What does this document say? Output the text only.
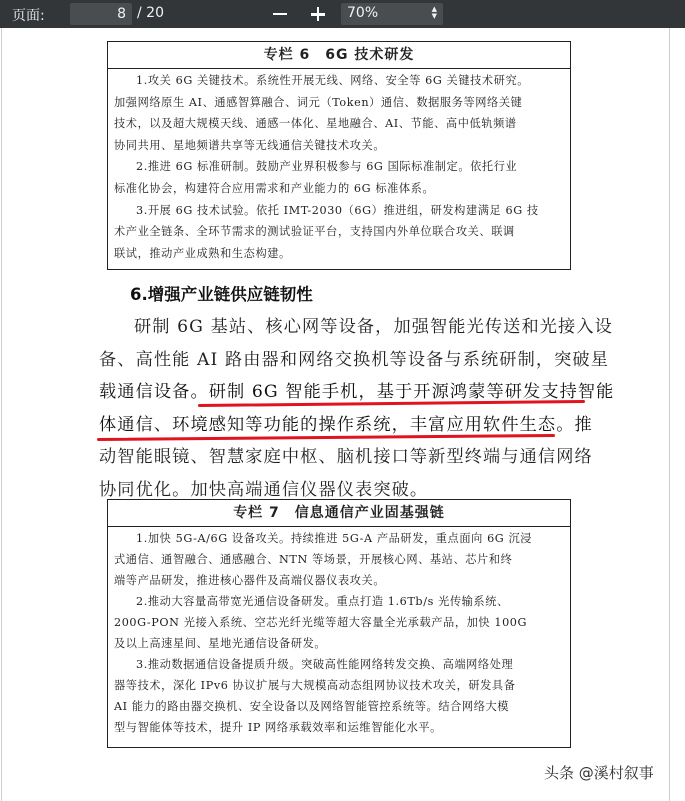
页面:
8	/ 20	70%	▲
▼
专栏 6　6G 技术研发

1.攻关 6G 关键技术。系统性开展无线、网络、安全等 6G 关键技术研究。

加强网络原生 AI、通感智算融合、词元（Token）通信、数据服务等网络关键

技术，以及超大规模天线、通感一体化、星地融合、AI、节能、高中低轨频谱

协同共用、星地频谱共享等无线通信关键技术攻关。

2.推进 6G 标准研制。鼓励产业界积极参与 6G 国际标准制定。依托行业

标准化协会，构建符合应用需求和产业能力的 6G 标准体系。

3.开展 6G 技术试验。依托 IMT-2030（6G）推进组，研发构建满足 6G 技

术产业全链条、全环节需求的测试验证平台，支持国内外单位联合攻关、联调

联试，推动产业成熟和生态构建。

6.增强产业链供应链韧性
研制 6G 基站、核心网等设备，加强智能光传送和光接入设
备、高性能 AI 路由器和网络交换机等设备与系统研制，突破星
载通信设备。研制 6G 智能手机，基于开源鸿蒙等研发支持智能
体通信、环境感知等功能的操作系统，丰富应用软件生态。推
动智能眼镜、智慧家庭中枢、脑机接口等新型终端与通信网络
协同优化。加快高端通信仪器仪表突破。
专栏 7　信息通信产业固基强链

1.加快 5G-A/6G 设备攻关。持续推进 5G-A 产品研发，重点面向 6G 沉浸

式通信、通智融合、通感融合、NTN 等场景，开展核心网、基站、芯片和终

端等产品研发，推进核心器件及高端仪器仪表攻关。

2.推动大容量高带宽光通信设备研发。重点打造 1.6Tb/s 光传输系统、

200G-PON 光接入系统、空芯光纤光缆等超大容量全光承载产品，加快 100G

及以上高速星间、星地光通信设备研发。

3.推动数据通信设备提质升级。突破高性能网络转发交换、高端网络处理

器等技术，深化 IPv6 协议扩展与大规模高动态组网协议技术攻关，研发具备

AI 能力的路由器交换机、安全设备以及网络智能管控系统等。结合网络大模

型与智能体等技术，提升 IP 网络承载效率和运维智能化水平。

头条 @溪村叙事
